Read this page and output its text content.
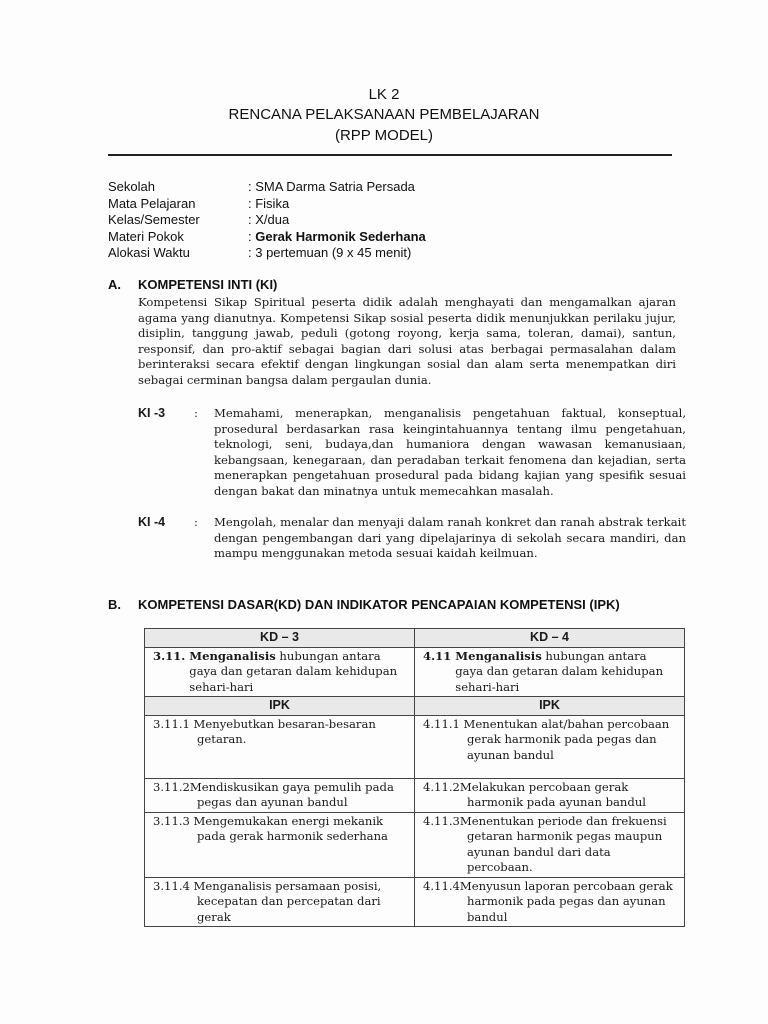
LK 2
RENCANA PELAKSANAAN PEMBELAJARAN
(RPP MODEL)
Sekolah	: SMA Darma Satria Persada
Mata Pelajaran	: Fisika
Kelas/Semester	: X/dua
Materi Pokok	: Gerak Harmonik Sederhana
Alokasi Waktu	: 3 pertemuan (9 x 45 menit)
A. KOMPETENSI INTI (KI)

Kompetensi Sikap Spiritual peserta didik adalah menghayati dan mengamalkan ajaran agama yang dianutnya. Kompetensi Sikap sosial peserta didik menunjukkan perilaku jujur, disiplin, tanggung jawab, peduli (gotong royong, kerja sama, toleran, damai), santun, responsif, dan pro-aktif sebagai bagian dari solusi atas berbagai permasalahan dalam berinteraksi secara efektif dengan lingkungan sosial dan alam serta menempatkan diri sebagai cerminan bangsa dalam pergaulan dunia.

KI -3	:	Memahami, menerapkan, menganalisis pengetahuan faktual, konseptual, prosedural berdasarkan rasa keingintahuannya tentang ilmu pengetahuan, teknologi, seni, budaya,dan humaniora dengan wawasan kemanusiaan, kebangsaan, kenegaraan, dan peradaban terkait fenomena dan kejadian, serta menerapkan pengetahuan prosedural pada bidang kajian yang spesifik sesuai dengan bakat dan minatnya untuk memecahkan masalah.
KI -4	:	Mengolah, menalar dan menyaji dalam ranah konkret dan ranah abstrak terkait dengan pengembangan dari yang dipelajarinya di sekolah secara mandiri, dan mampu menggunakan metoda sesuai kaidah keilmuan.
B. KOMPETENSI DASAR(KD) DAN INDIKATOR PENCAPAIAN KOMPETENSI (IPK)
KD – 3	KD – 4

3.11. Menganalisis hubungan antara gaya dan getaran dalam kehidupan sehari-hari	4.11 Menganalisis hubungan antara gaya dan getaran dalam kehidupan sehari-hari

IPK	IPK

3.11.1 Menyebutkan besaran-besaran getaran.	4.11.1 Menentukan alat/bahan percobaan gerak harmonik pada pegas dan ayunan bandul

3.11.2Mendiskusikan gaya pemulih pada pegas dan ayunan bandul	4.11.2Melakukan percobaan gerak harmonik pada ayunan bandul

3.11.3 Mengemukakan energi mekanik pada gerak harmonik sederhana	4.11.3Menentukan periode dan frekuensi getaran harmonik pegas maupun ayunan bandul dari data percobaan.

3.11.4 Menganalisis persamaan posisi, kecepatan dan percepatan dari gerak	4.11.4Menyusun laporan percobaan gerak harmonik pada pegas dan ayunan bandul
